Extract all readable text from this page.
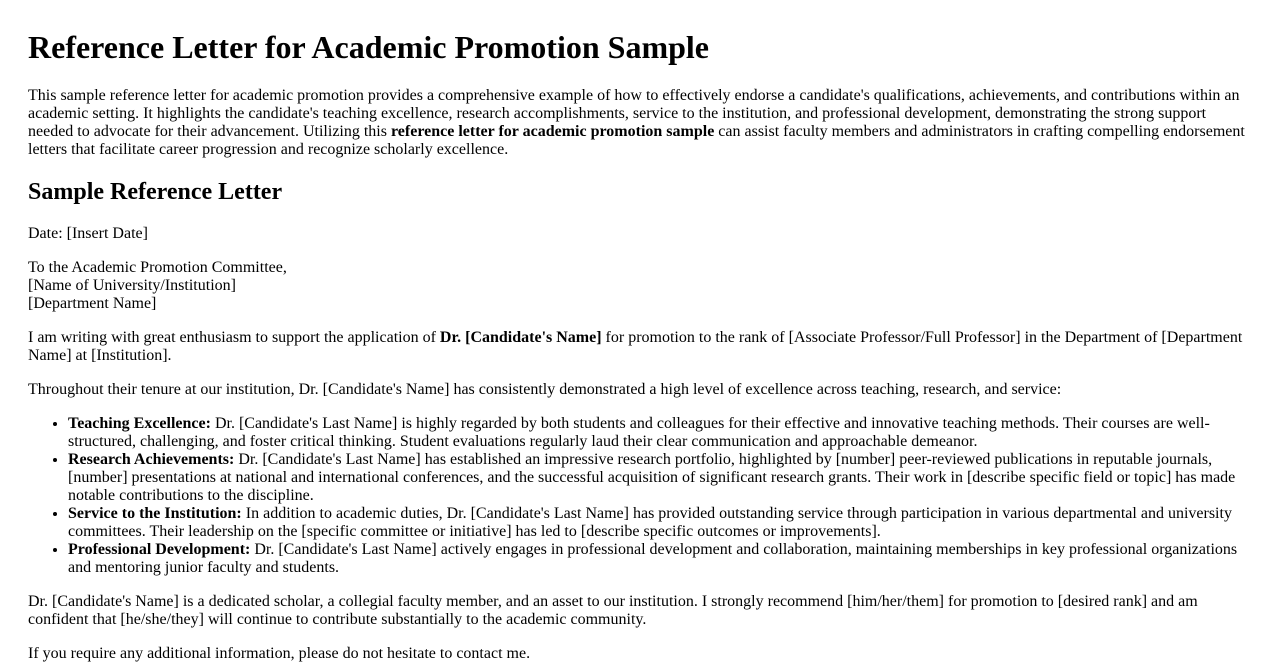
Reference Letter for Academic Promotion Sample

This sample reference letter for academic promotion provides a comprehensive example of how to effectively endorse a candidate's qualifications, achievements, and contributions within an academic setting. It highlights the candidate's teaching excellence, research accomplishments, service to the institution, and professional development, demonstrating the strong support needed to advocate for their advancement. Utilizing this reference letter for academic promotion sample can assist faculty members and administrators in crafting compelling endorsement letters that facilitate career progression and recognize scholarly excellence.

Sample Reference Letter

Date: [Insert Date]

To the Academic Promotion Committee,
[Name of University/Institution]
[Department Name]

I am writing with great enthusiasm to support the application of Dr. [Candidate's Name] for promotion to the rank of [Associate Professor/Full Professor] in the Department of [Department Name] at [Institution].

Throughout their tenure at our institution, Dr. [Candidate's Name] has consistently demonstrated a high level of excellence across teaching, research, and service:

• Teaching Excellence: Dr. [Candidate's Last Name] is highly regarded by both students and colleagues for their effective and innovative teaching methods. Their courses are well-structured, challenging, and foster critical thinking. Student evaluations regularly laud their clear communication and approachable demeanor.
• Research Achievements: Dr. [Candidate's Last Name] has established an impressive research portfolio, highlighted by [number] peer-reviewed publications in reputable journals, [number] presentations at national and international conferences, and the successful acquisition of significant research grants. Their work in [describe specific field or topic] has made notable contributions to the discipline.
• Service to the Institution: In addition to academic duties, Dr. [Candidate's Last Name] has provided outstanding service through participation in various departmental and university committees. Their leadership on the [specific committee or initiative] has led to [describe specific outcomes or improvements].
• Professional Development: Dr. [Candidate's Last Name] actively engages in professional development and collaboration, maintaining memberships in key professional organizations and mentoring junior faculty and students.

Dr. [Candidate's Name] is a dedicated scholar, a collegial faculty member, and an asset to our institution. I strongly recommend [him/her/them] for promotion to [desired rank] and am confident that [he/she/they] will continue to contribute substantially to the academic community.

If you require any additional information, please do not hesitate to contact me.
